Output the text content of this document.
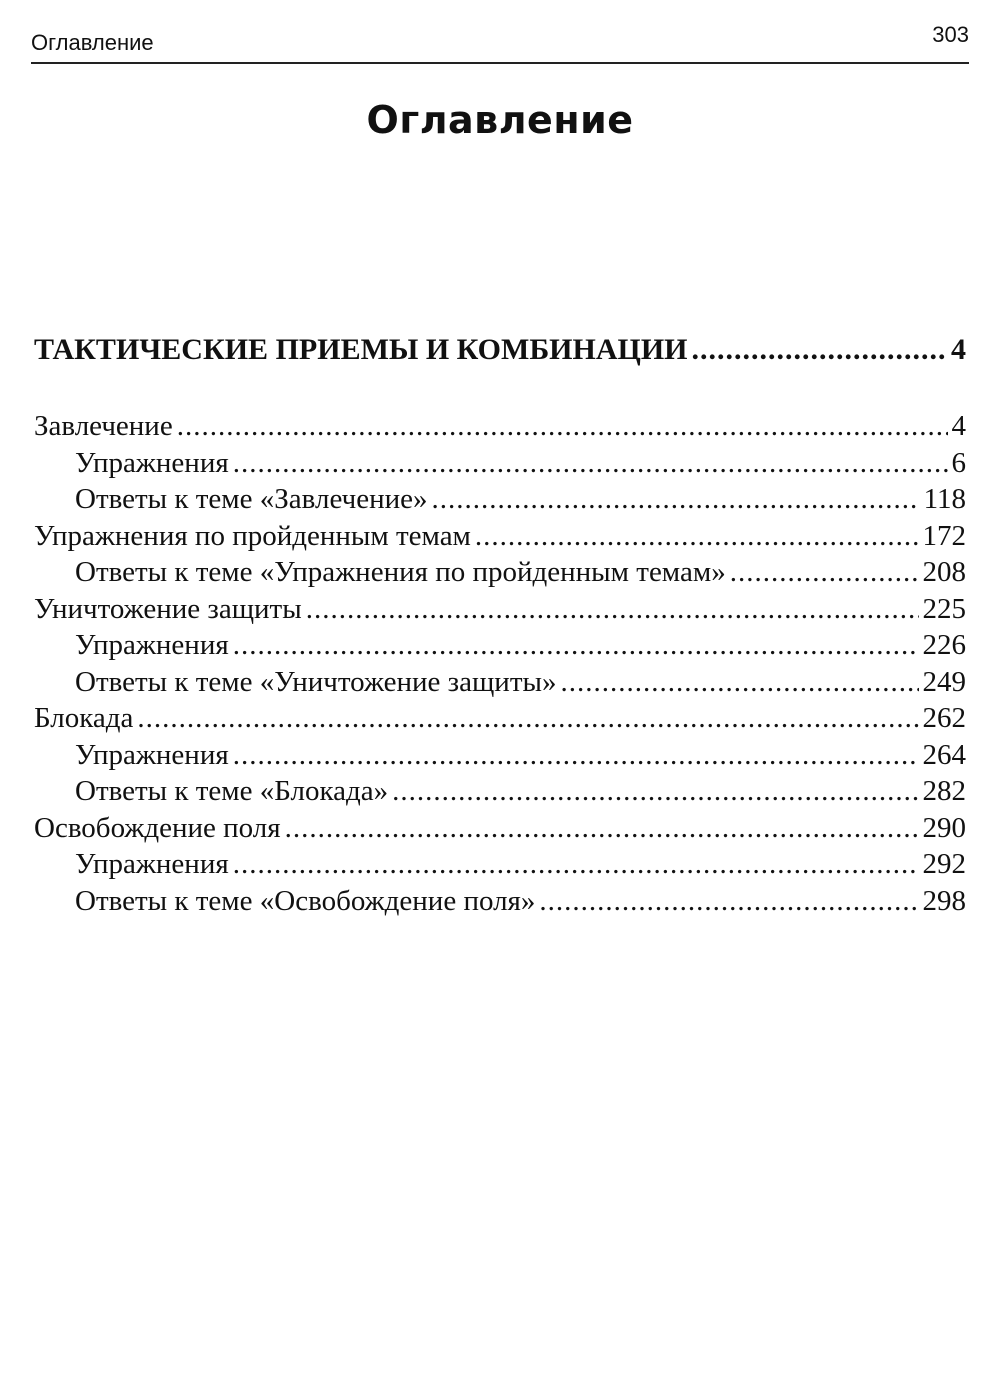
Оглавление	303
Оглавление
ТАКТИЧЕСКИЕ ПРИЕМЫ И КОМБИНАЦИИ .....	4
Завлечение .....	4
Упражнения .....	6
Ответы к теме «Завлечение» .....	118
Упражнения по пройденным темам .....	172
Ответы к теме «Упражнения по пройденным темам» .....	208
Уничтожение защиты .....	225
Упражнения .....	226
Ответы к теме «Уничтожение защиты» .....	249
Блокада .....	262
Упражнения .....	264
Ответы к теме «Блокада» .....	282
Освобождение поля .....	290
Упражнения .....	292
Ответы к теме «Освобождение поля» .....	298
